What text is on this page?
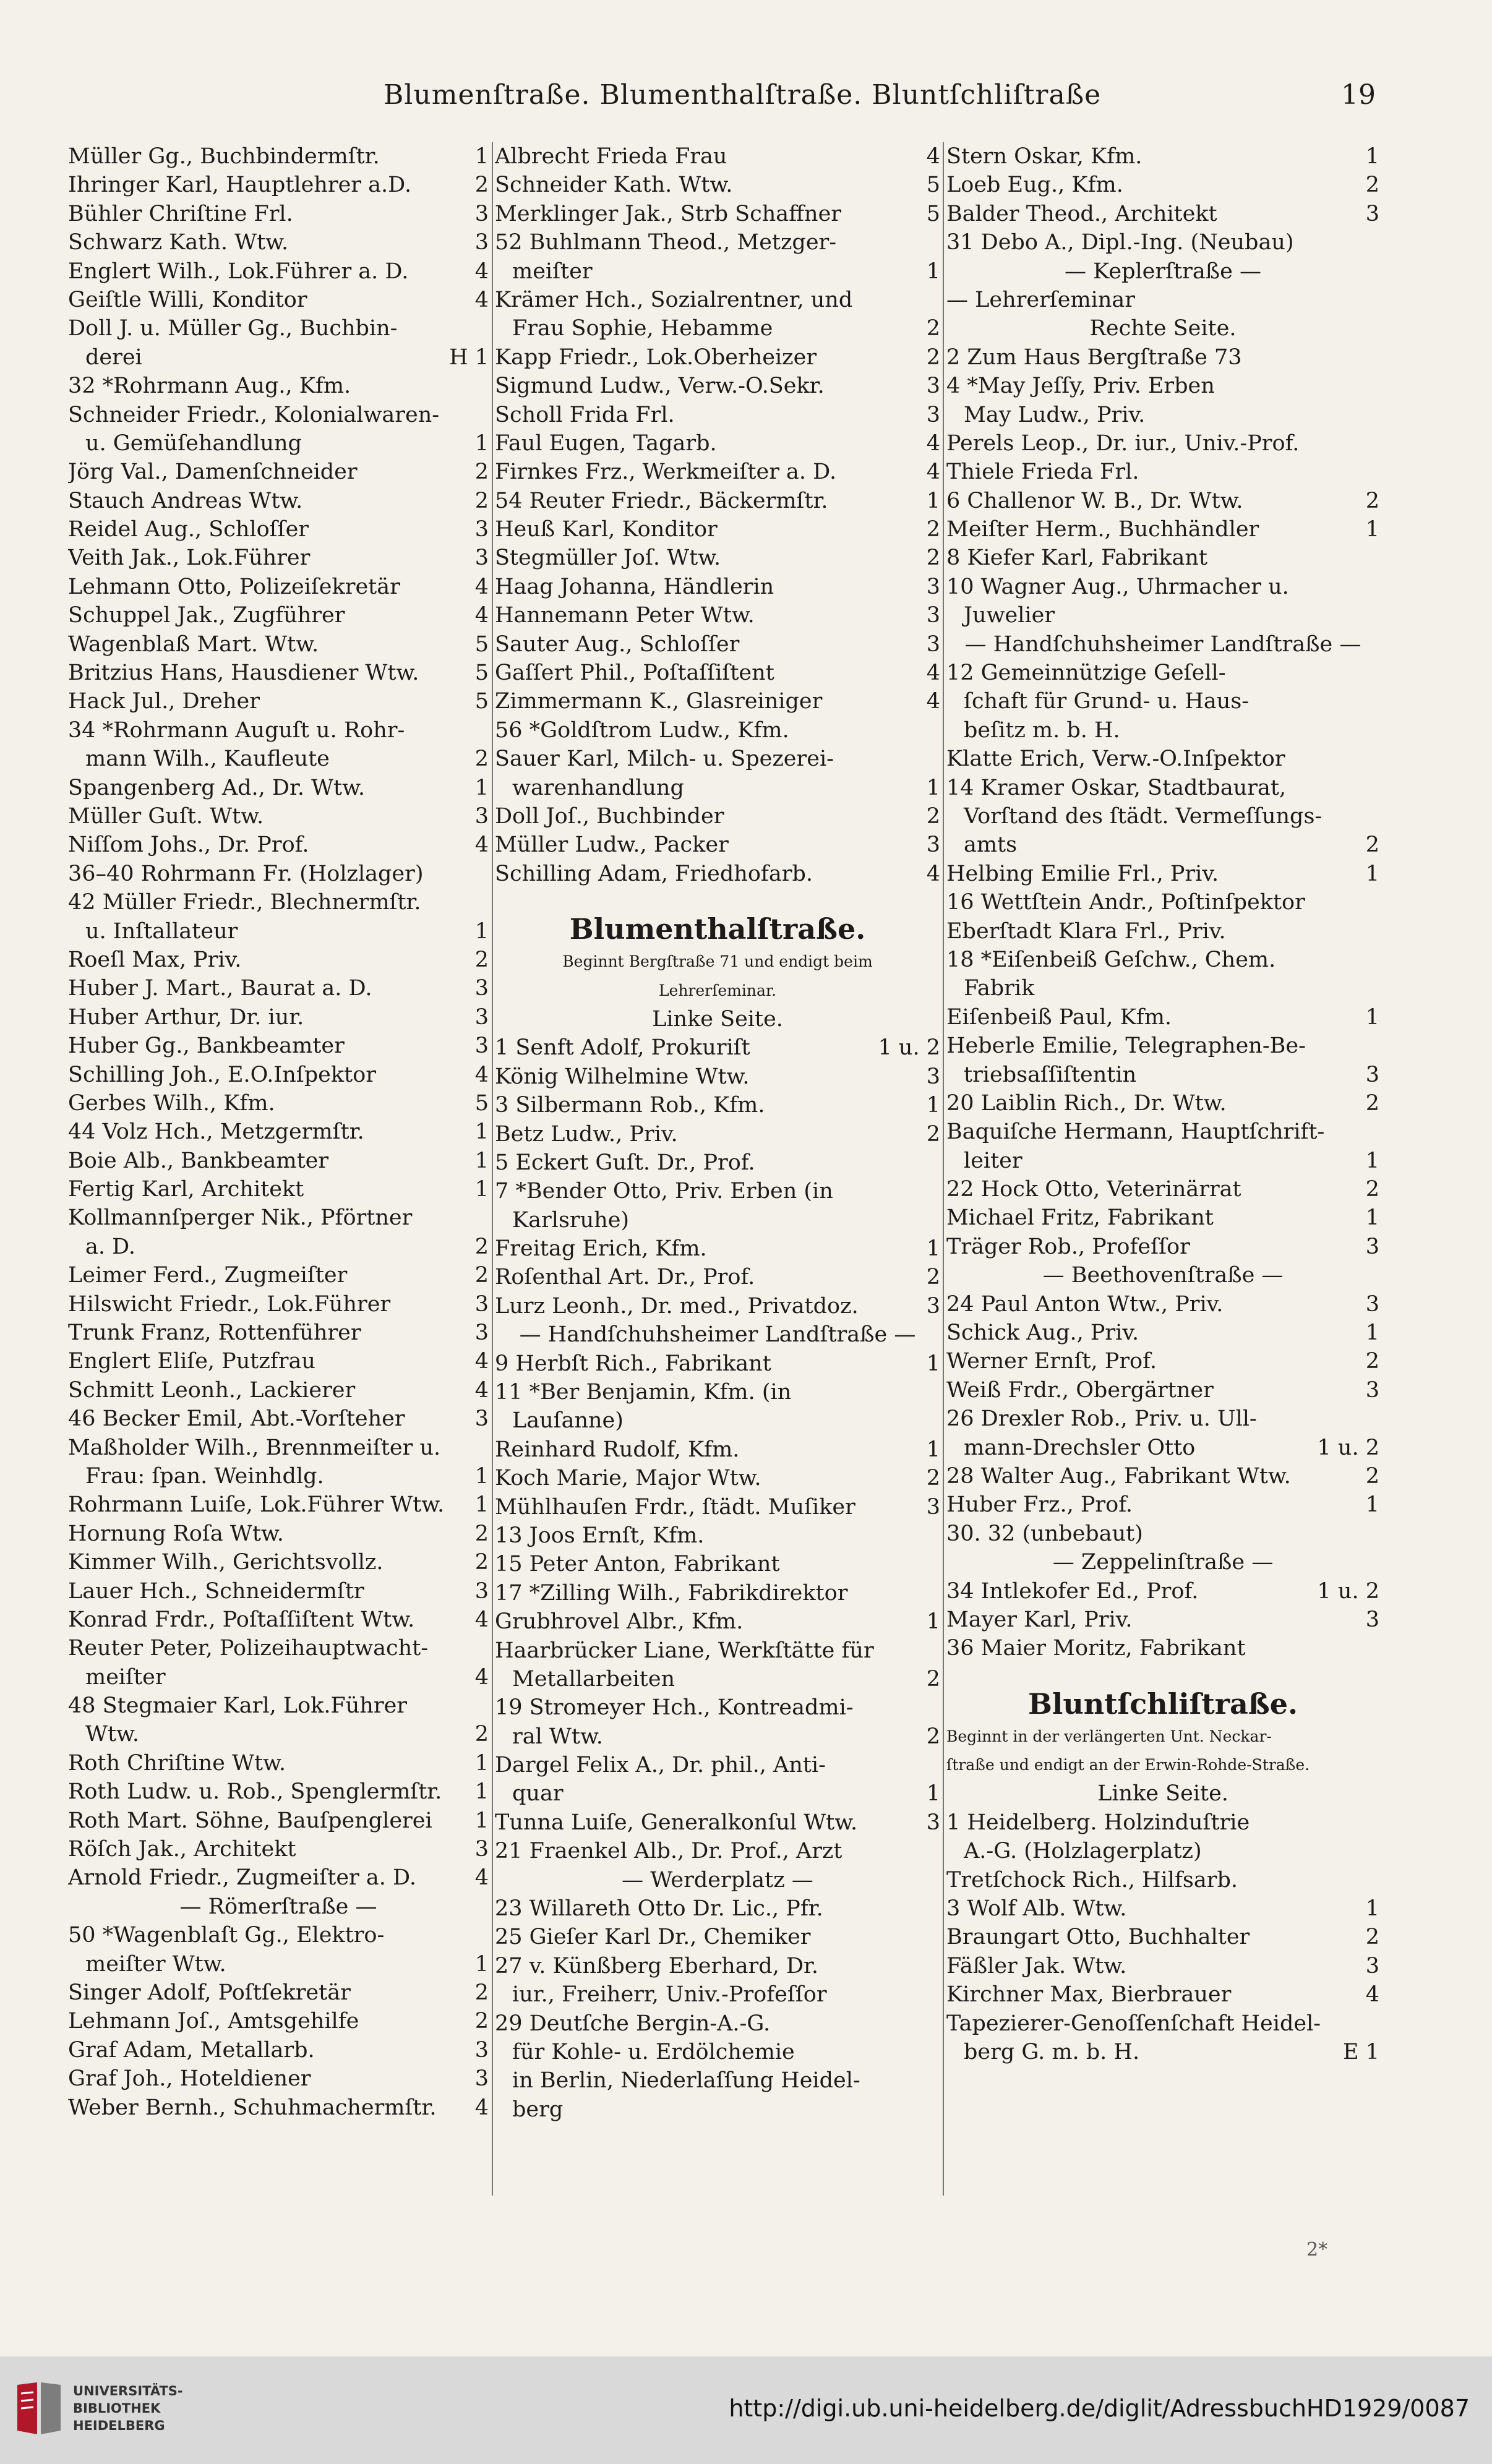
Blumenſtraße. Blumenthalſtraße. Bluntſchliſtraße	19
Müller Gg., Buchbindermſtr.	1
Ihringer Karl, Hauptlehrer a.D.	2
Bühler Chriſtine Frl.	3
Schwarz Kath. Wtw.	3
Englert Wilh., Lok.Führer a. D.	4
Geiſtle Willi, Konditor	4
Doll J. u. Müller Gg., Buchbin-
derei	H 1
32 *Rohrmann Aug., Kfm.
Schneider Friedr., Kolonialwaren-
u. Gemüſehandlung	1
Jörg Val., Damenſchneider	2
Stauch Andreas Wtw.	2
Reidel Aug., Schloſſer	3
Veith Jak., Lok.Führer	3
Lehmann Otto, Polizeiſekretär	4
Schuppel Jak., Zugführer	4
Wagenblaß Mart. Wtw.	5
Britzius Hans, Hausdiener Wtw.	5
Hack Jul., Dreher	5
34 *Rohrmann Auguſt u. Rohr-
mann Wilh., Kaufleute	2
Spangenberg Ad., Dr. Wtw.	1
Müller Guſt. Wtw.	3
Niſſom Johs., Dr. Prof.	4
36–40 Rohrmann Fr. (Holzlager)
42 Müller Friedr., Blechnermſtr.
u. Inſtallateur	1
Roeſl Max, Priv.	2
Huber J. Mart., Baurat a. D.	3
Huber Arthur, Dr. iur.	3
Huber Gg., Bankbeamter	3
Schilling Joh., E.O.Inſpektor	4
Gerbes Wilh., Kfm.	5
44 Volz Hch., Metzgermſtr.	1
Boie Alb., Bankbeamter	1
Fertig Karl, Architekt	1
Kollmannſperger Nik., Pförtner
a. D.	2
Leimer Ferd., Zugmeiſter	2
Hilswicht Friedr., Lok.Führer	3
Trunk Franz, Rottenführer	3
Englert Eliſe, Putzfrau	4
Schmitt Leonh., Lackierer	4
46 Becker Emil, Abt.-Vorſteher	3
Maßholder Wilh., Brennmeiſter u.
Frau: ſpan. Weinhdlg.	1
Rohrmann Luiſe, Lok.Führer Wtw. 1
Hornung Roſa Wtw.	2
Kimmer Wilh., Gerichtsvollz.	2
Lauer Hch., Schneidermſtr	3
Konrad Frdr., Poſtaſſiſtent Wtw.	4
Reuter Peter, Polizeihauptwacht-
meiſter	4
48 Stegmaier Karl, Lok.Führer
Wtw.	2
Roth Chriſtine Wtw.	1
Roth Ludw. u. Rob., Spenglermſtr. 1
Roth Mart. Söhne, Bauſpenglerei 1
Röſch Jak., Architekt	3
Arnold Friedr., Zugmeiſter a. D.	4
— Römerſtraße —
50 *Wagenblaſt Gg., Elektro-
meiſter Wtw.	1
Singer Adolf, Poſtſekretär	2
Lehmann Joſ., Amtsgehilfe	2
Graf Adam, Metallarb.	3
Graf Joh., Hoteldiener	3
Weber Bernh., Schuhmachermſtr. 4
Albrecht Frieda Frau	4
Schneider Kath. Wtw.	5
Merklinger Jak., Strb Schaffner	5
52 Buhlmann Theod., Metzger-
meiſter	1
Krämer Hch., Sozialrentner, und
Frau Sophie, Hebamme	2
Kapp Friedr., Lok.Oberheizer	2
Sigmund Ludw., Verw.-O.Sekr.	3
Scholl Frida Frl.	3
Faul Eugen, Tagarb.	4
Firnkes Frz., Werkmeiſter a. D.	4
54 Reuter Friedr., Bäckermſtr.	1
Heuß Karl, Konditor	2
Stegmüller Joſ. Wtw.	2
Haag Johanna, Händlerin	3
Hannemann Peter Wtw.	3
Sauter Aug., Schloſſer	3
Gaſſert Phil., Poſtaſſiſtent	4
Zimmermann K., Glasreiniger	4
56 *Goldſtrom Ludw., Kfm.
Sauer Karl, Milch- u. Spezerei-
warenhandlung	1
Doll Joſ., Buchbinder	2
Müller Ludw., Packer	3
Schilling Adam, Friedhofarb.	4
Blumenthalſtraße.
Beginnt Bergſtraße 71 und endigt beim
Lehrerſeminar.
Linke Seite.
1 Senft Adolf, Prokuriſt	1 u. 2
König Wilhelmine Wtw.	3
3 Silbermann Rob., Kfm.	1
Betz Ludw., Priv.	2
5 Eckert Guſt. Dr., Prof.
7 *Bender Otto, Priv. Erben (in
Karlsruhe)
Freitag Erich, Kfm.	1
Roſenthal Art. Dr., Prof.	2
Lurz Leonh., Dr. med., Privatdoz.	3
— Handſchuhsheimer Landſtraße —
9 Herbſt Rich., Fabrikant	1
11 *Ber Benjamin, Kfm. (in
Lauſanne)
Reinhard Rudolf, Kfm.	1
Koch Marie, Major Wtw.	2
Mühlhauſen Frdr., ſtädt. Muſiker	3
13 Joos Ernſt, Kfm.
15 Peter Anton, Fabrikant
17 *Zilling Wilh., Fabrikdirektor
Grubhrovel Albr., Kfm.	1
Haarbrücker Liane, Werkſtätte für
Metallarbeiten	2
19 Stromeyer Hch., Kontreadmi-
ral Wtw.	2
Dargel Felix A., Dr. phil., Anti-
quar	1
Tunna Luiſe, Generalkonſul Wtw.	3
21 Fraenkel Alb., Dr. Prof., Arzt
— Werderplatz —
23 Willareth Otto Dr. Lic., Pfr.
25 Gieſer Karl Dr., Chemiker
27 v. Künßberg Eberhard, Dr.
iur., Freiherr, Univ.-Profeſſor
29 Deutſche Bergin-A.-G.
für Kohle- u. Erdölchemie
in Berlin, Niederlaſſung Heidel-
berg
Stern Oskar, Kfm.	1
Loeb Eug., Kfm.	2
Balder Theod., Architekt	3
31 Debo A., Dipl.-Ing. (Neubau)
— Keplerſtraße —
— Lehrerſeminar
Rechte Seite.
2 Zum Haus Bergſtraße 73
4 *May Jeſſy, Priv. Erben
May Ludw., Priv.
Perels Leop., Dr. iur., Univ.-Prof.
Thiele Frieda Frl.
6 Challenor W. B., Dr. Wtw.	2
Meiſter Herm., Buchhändler	1
8 Kiefer Karl, Fabrikant
10 Wagner Aug., Uhrmacher u.
Juwelier
— Handſchuhsheimer Landſtraße —
12 Gemeinnützige Geſell-
ſchaft für Grund- u. Haus-
beſitz m. b. H.
Klatte Erich, Verw.-O.Inſpektor
14 Kramer Oskar, Stadtbaurat,
Vorſtand des ſtädt. Vermeſſungs-
amts	2
Helbing Emilie Frl., Priv.	1
16 Wettſtein Andr., Poſtinſpektor
Eberſtadt Klara Frl., Priv.
18 *Eiſenbeiß Geſchw., Chem.
Fabrik
Eiſenbeiß Paul, Kfm.	1
Heberle Emilie, Telegraphen-Be-
triebsaſſiſtentin	3
20 Laiblin Rich., Dr. Wtw.	2
Baquiſche Hermann, Hauptſchrift-
leiter	1
22 Hock Otto, Veterinärrat	2
Michael Fritz, Fabrikant	1
Träger Rob., Profeſſor	3
— Beethovenſtraße —
24 Paul Anton Wtw., Priv.	3
Schick Aug., Priv.	1
Werner Ernſt, Prof.	2
Weiß Frdr., Obergärtner	3
26 Drexler Rob., Priv. u. Ull-
mann-Drechsler Otto	1 u. 2
28 Walter Aug., Fabrikant Wtw.	2
Huber Frz., Prof.	1
30. 32 (unbebaut)
— Zeppelinſtraße —
34 Intlekofer Ed., Prof.	1 u. 2
Mayer Karl, Priv.	3
36 Maier Moritz, Fabrikant
Bluntſchliſtraße.
Beginnt in der verlängerten Unt. Neckar-
ſtraße und endigt an der Erwin-Rohde-Straße.
Linke Seite.
1 Heidelberg. Holzinduſtrie
A.-G. (Holzlagerplatz)
Tretſchock Rich., Hilfsarb.
3 Wolf Alb. Wtw.	1
Braungart Otto, Buchhalter	2
Fäßler Jak. Wtw.	3
Kirchner Max, Bierbrauer	4
Tapezierer-Genoſſenſchaft Heidel-
berg G. m. b. H.	E 1
2*
UNIVERSITÄTS-
BIBLIOTHEK
HEIDELBERG
http://digi.ub.uni-heidelberg.de/diglit/AdressbuchHD1929/0087
